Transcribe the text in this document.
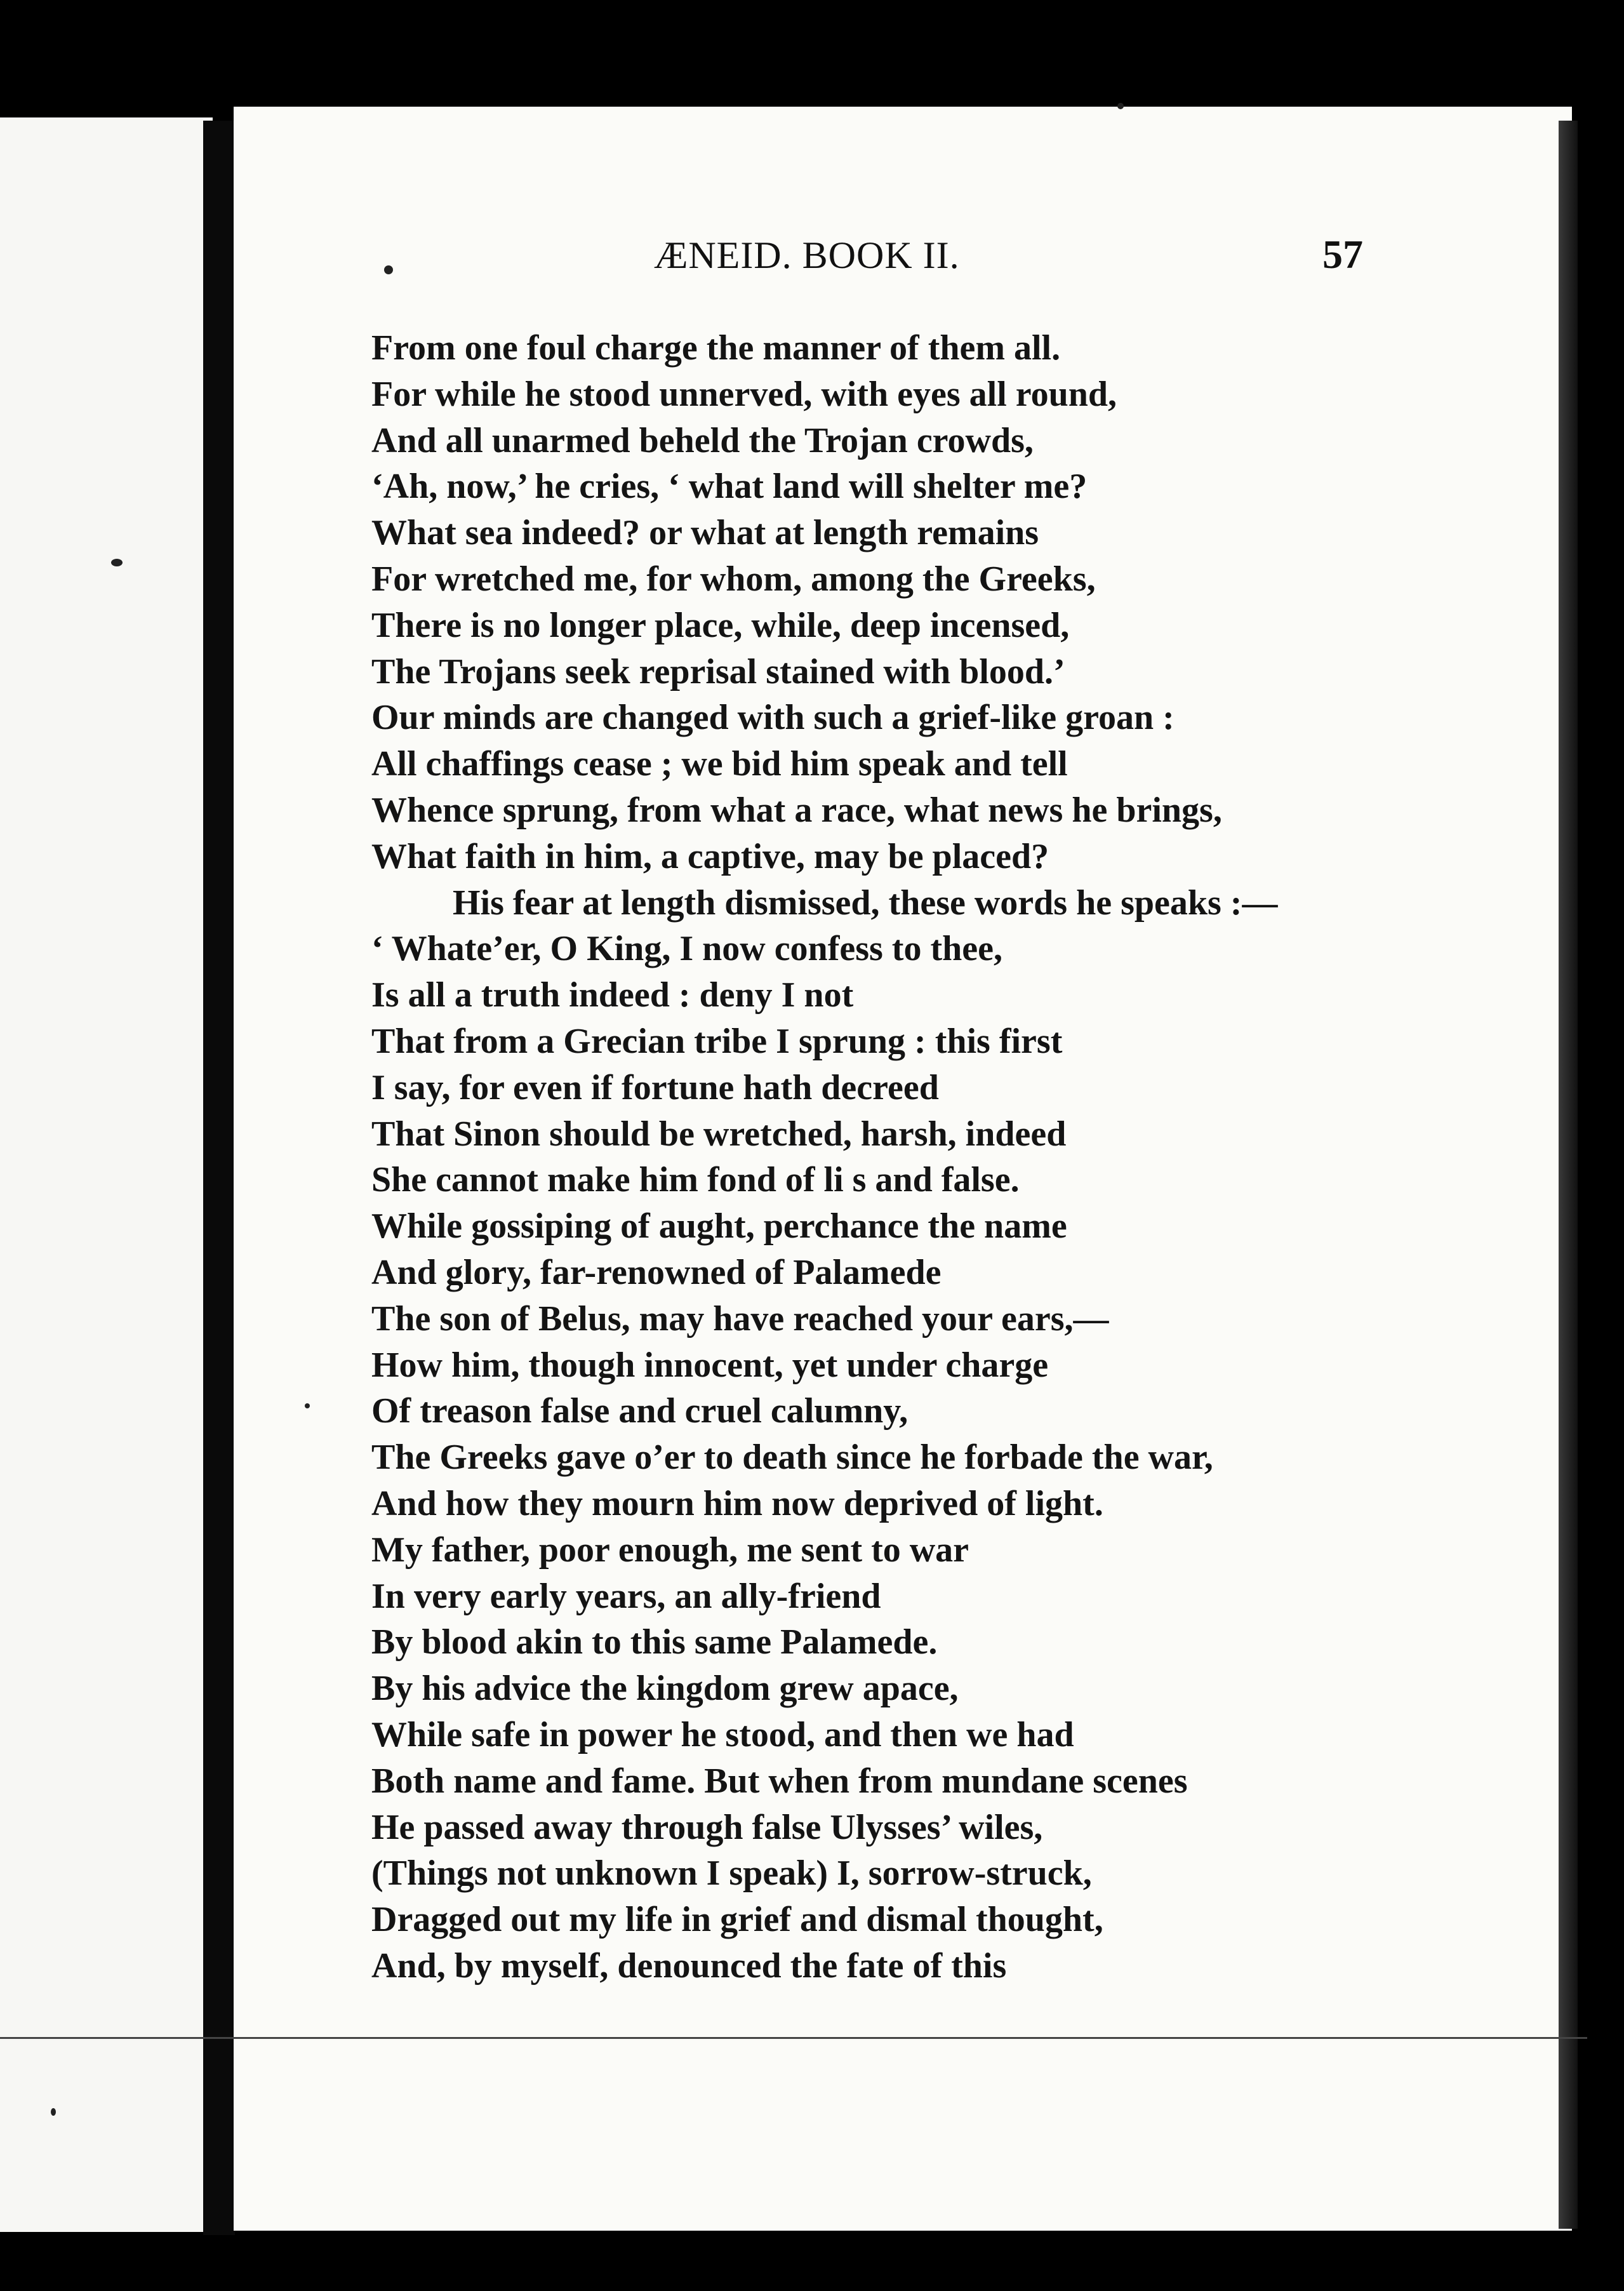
ÆNEID. BOOK II.	57
From one foul charge the manner of them all.
For while he stood unnerved, with eyes all round,
And all unarmed beheld the Trojan crowds,
‘Ah, now,’ he cries, ‘ what land will shelter me?
What sea indeed? or what at length remains
For wretched me, for whom, among the Greeks,
There is no longer place, while, deep incensed,
The Trojans seek reprisal stained with blood.’
Our minds are changed with such a grief-like groan :
All chaffings cease ; we bid him speak and tell
Whence sprung, from what a race, what news he brings,
What faith in him, a captive, may be placed?
His fear at length dismissed, these words he speaks :—
‘ Whate’er, O King, I now confess to thee,
Is all a truth indeed : deny I not
That from a Grecian tribe I sprung : this first
I say, for even if fortune hath decreed
That Sinon should be wretched, harsh, indeed
She cannot make him fond of li s and false.
While gossiping of aught, perchance the name
And glory, far-renowned of Palamede
The son of Belus, may have reached your ears,—
How him, though innocent, yet under charge
Of treason false and cruel calumny,
The Greeks gave o’er to death since he forbade the war,
And how they mourn him now deprived of light.
My father, poor enough, me sent to war
In very early years, an ally-friend
By blood akin to this same Palamede.
By his advice the kingdom grew apace,
While safe in power he stood, and then we had
Both name and fame. But when from mundane scenes
He passed away through false Ulysses’ wiles,
(Things not unknown I speak) I, sorrow-struck,
Dragged out my life in grief and dismal thought,
And, by myself, denounced the fate of this
